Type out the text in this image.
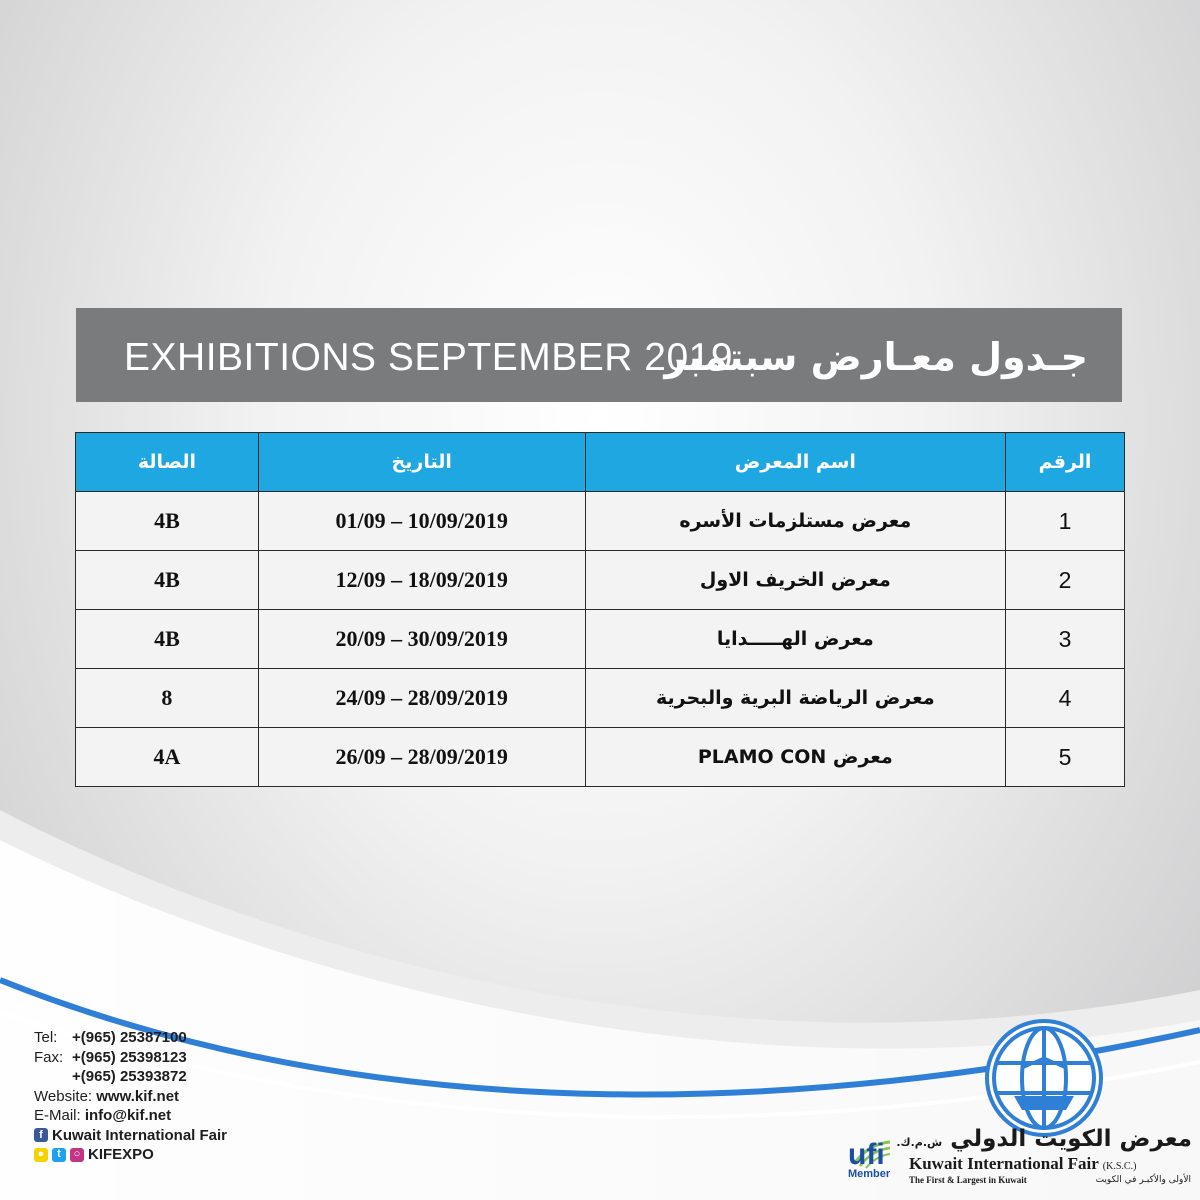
EXHIBITIONS SEPTEMBER 2019
جـدول معـارض سبتمبر
الرقم	اسم المعرض	التاريخ	الصالة
1	معرض مستلزمات الأسره	01/09 – 10/09/2019	4B
2	معرض الخريف الاول	12/09 – 18/09/2019	4B
3	معرض الهـــــدايا	20/09 – 30/09/2019	4B
4	معرض الرياضة البرية والبحرية	24/09 – 28/09/2019	8
5	معرض PLAMO CON	26/09 – 28/09/2019	4A
Tel: +(965) 25387100
Fax: +(965) 25398123
+(965) 25393872
Website:
www.kif.net
E-Mail:
info@kif.net
f Kuwait International Fair
●	t	○ KIFEXPO	ufi
Member
معرض الكويت الدولي ش.م.ك.
Kuwait International Fair (K.S.C.)
The First & Largest in Kuwait	الأولى والأكبـر في الكويت
